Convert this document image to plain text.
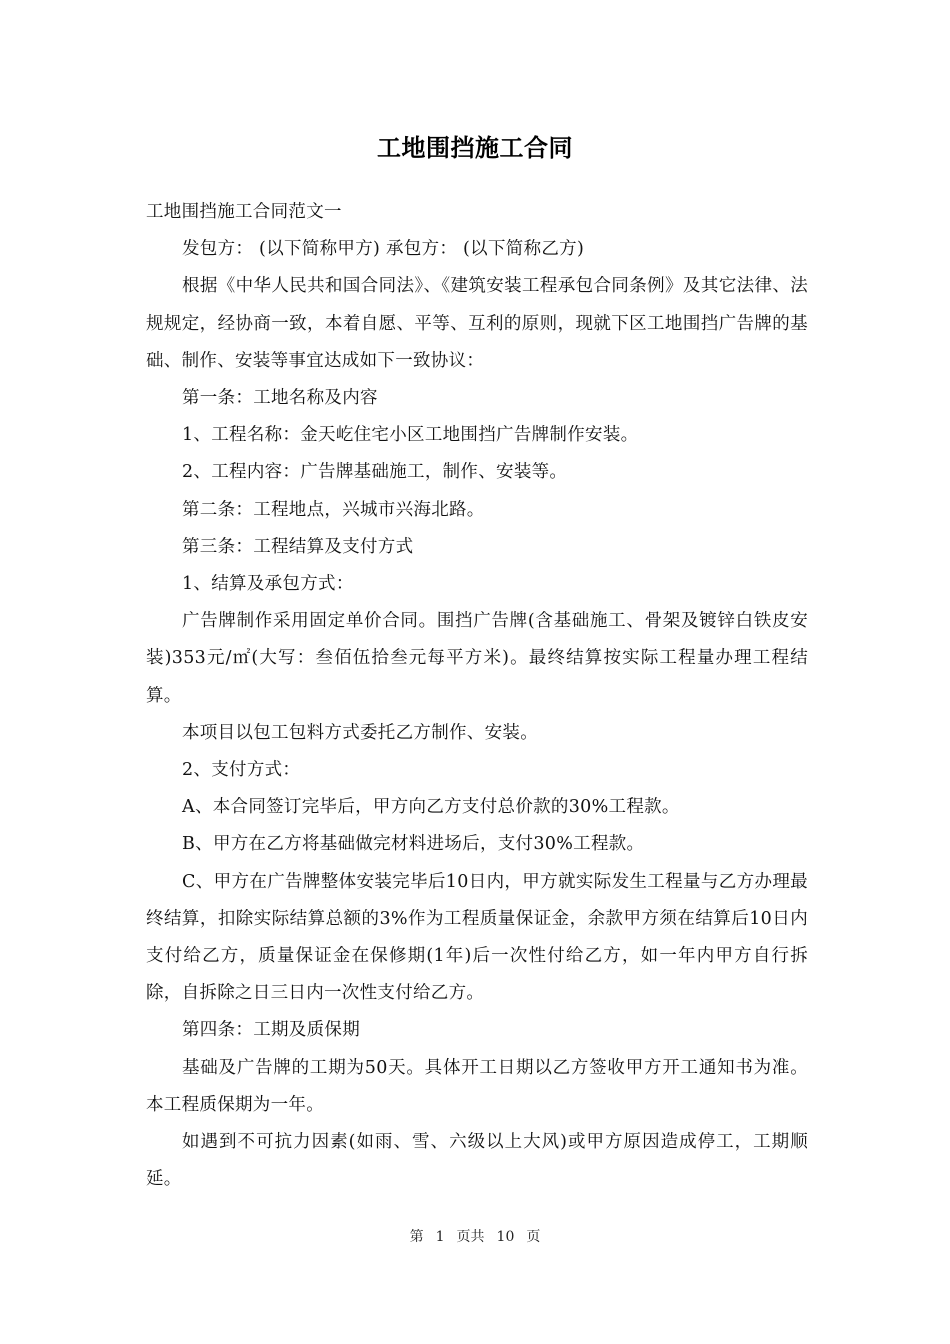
工地围挡施工合同

工地围挡施工合同范文一

发包方： (以下简称甲方) 承包方： (以下简称乙方)

根据《中华人民共和国合同法》、《建筑安装工程承包合同条例》及其它法律、法规规定，经协商一致，本着自愿、平等、互利的原则，现就下区工地围挡广告牌的基础、制作、安装等事宜达成如下一致协议：

第一条：工地名称及内容

1、工程名称：金天屹住宅小区工地围挡广告牌制作安装。

2、工程内容：广告牌基础施工，制作、安装等。

第二条：工程地点，兴城市兴海北路。

第三条：工程结算及支付方式

1、结算及承包方式：

广告牌制作采用固定单价合同。围挡广告牌(含基础施工、骨架及镀锌白铁皮安装)353元/㎡(大写：叁佰伍拾叁元每平方米)。最终结算按实际工程量办理工程结算。

本项目以包工包料方式委托乙方制作、安装。

2、支付方式：

A、本合同签订完毕后，甲方向乙方支付总价款的30%工程款。

B、甲方在乙方将基础做完材料进场后，支付30%工程款。

C、甲方在广告牌整体安装完毕后10日内，甲方就实际发生工程量与乙方办理最终结算，扣除实际结算总额的3%作为工程质量保证金，余款甲方须在结算后10日内支付给乙方，质量保证金在保修期(1年)后一次性付给乙方，如一年内甲方自行拆除，自拆除之日三日内一次性支付给乙方。

第四条：工期及质保期

基础及广告牌的工期为50天。具体开工日期以乙方签收甲方开工通知书为准。本工程质保期为一年。

如遇到不可抗力因素(如雨、雪、六级以上大风)或甲方原因造成停工，工期顺延。

第 1 页共 10 页
